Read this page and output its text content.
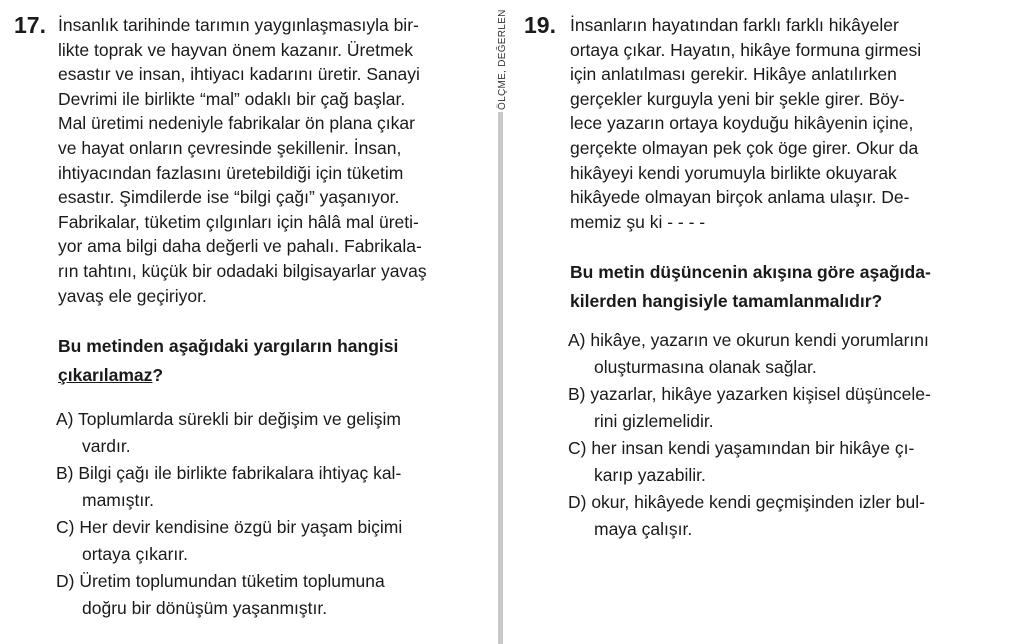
17. İnsanlık tarihinde tarımın yaygınlaşmasıyla bir-
likte toprak ve hayvan önem kazanır. Üretmek
esastır ve insan, ihtiyacı kadarını üretir. Sanayi
Devrimi ile birlikte “mal” odaklı bir çağ başlar.
Mal üretimi nedeniyle fabrikalar ön plana çıkar
ve hayat onların çevresinde şekillenir. İnsan,
ihtiyacından fazlasını üretebildiği için tüketim
esastır. Şimdilerde ise “bilgi çağı” yaşanıyor.
Fabrikalar, tüketim çılgınları için hâlâ mal üreti-
yor ama bilgi daha değerli ve pahalı. Fabrikala-
rın tahtını, küçük bir odadaki bilgisayarlar yavaş
yavaş ele geçiriyor.
Bu metinden aşağıdaki yargıların hangisi
çıkarılamaz?
A) Toplumlarda sürekli bir değişim ve gelişim
vardır.
B) Bilgi çağı ile birlikte fabrikalara ihtiyaç kal-
mamıştır.
C) Her devir kendisine özgü bir yaşam biçimi
ortaya çıkarır.
D) Üretim toplumundan tüketim toplumuna
doğru bir dönüşüm yaşanmıştır.
ÖLÇME, DEĞERLEN 19. İnsanların hayatından farklı farklı hikâyeler
ortaya çıkar. Hayatın, hikâye formuna girmesi
için anlatılması gerekir. Hikâye anlatılırken
gerçekler kurguyla yeni bir şekle girer. Böy-
lece yazarın ortaya koyduğu hikâyenin içine,
gerçekte olmayan pek çok öge girer. Okur da
hikâyeyi kendi yorumuyla birlikte okuyarak
hikâyede olmayan birçok anlama ulaşır. De-
memiz şu ki - - - -
Bu metin düşüncenin akışına göre aşağıda-
kilerden hangisiyle tamamlanmalıdır?
A) hikâye, yazarın ve okurun kendi yorumlarını
oluşturmasına olanak sağlar.
B) yazarlar, hikâye yazarken kişisel düşüncele-
rini gizlemelidir.
C) her insan kendi yaşamından bir hikâye çı-
karıp yazabilir.
D) okur, hikâyede kendi geçmişinden izler bul-
maya çalışır.
